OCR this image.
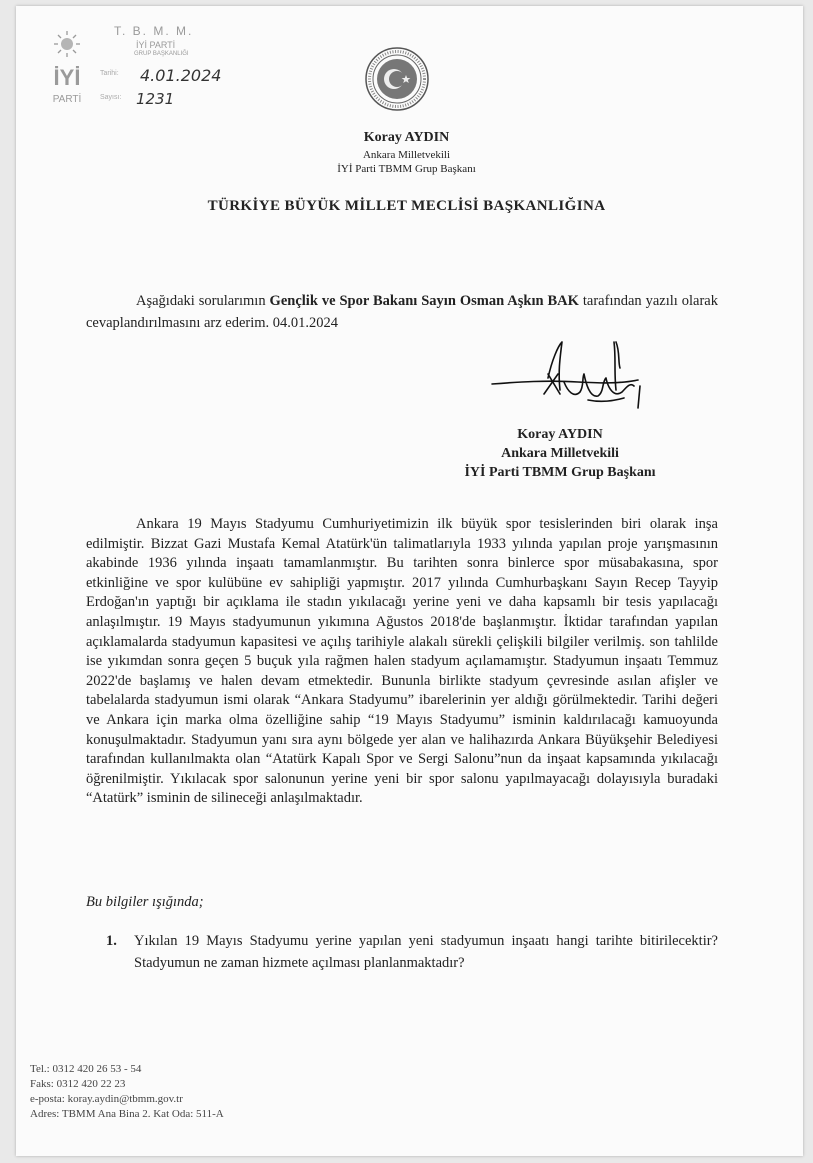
İYİ
PARTİ
T. B. M. M.
İYİ PARTİ
GRUP BAŞKANLIĞI
Tarihi: 4.01.2024
Sayısı: 1231
Koray AYDIN
Ankara Milletvekili
İYİ Parti TBMM Grup Başkanı
TÜRKİYE BÜYÜK MİLLET MECLİSİ BAŞKANLIĞINA
Aşağıdaki sorularımın Gençlik ve Spor Bakanı Sayın Osman Aşkın BAK tarafından yazılı olarak cevaplandırılmasını arz ederim. 04.01.2024
Koray AYDIN
Ankara Milletvekili
İYİ Parti TBMM Grup Başkanı
Ankara 19 Mayıs Stadyumu Cumhuriyetimizin ilk büyük spor tesislerinden biri olarak inşa edilmiştir. Bizzat Gazi Mustafa Kemal Atatürk'ün talimatlarıyla 1933 yılında yapılan proje yarışmasının akabinde 1936 yılında inşaatı tamamlanmıştır. Bu tarihten sonra binlerce spor müsabakasına, spor etkinliğine ve spor kulübüne ev sahipliği yapmıştır. 2017 yılında Cumhurbaşkanı Sayın Recep Tayyip Erdoğan'ın yaptığı bir açıklama ile stadın yıkılacağı yerine yeni ve daha kapsamlı bir tesis yapılacağı anlaşılmıştır. 19 Mayıs stadyumunun yıkımına Ağustos 2018'de başlanmıştır. İktidar tarafından yapılan açıklamalarda stadyumun kapasitesi ve açılış tarihiyle alakalı sürekli çelişkili bilgiler verilmiş. son tahlilde ise yıkımdan sonra geçen 5 buçuk yıla rağmen halen stadyum açılamamıştır. Stadyumun inşaatı Temmuz 2022'de başlamış ve halen devam etmektedir. Bununla birlikte stadyum çevresinde asılan afişler ve tabelalarda stadyumun ismi olarak “Ankara Stadyumu” ibarelerinin yer aldığı görülmektedir. Tarihi değeri ve Ankara için marka olma özelliğine sahip “19 Mayıs Stadyumu” isminin kaldırılacağı kamuoyunda konuşulmaktadır. Stadyumun yanı sıra aynı bölgede yer alan ve halihazırda Ankara Büyükşehir Belediyesi tarafından kullanılmakta olan “Atatürk Kapalı Spor ve Sergi Salonu”nun da inşaat kapsamında yıkılacağı öğrenilmiştir. Yıkılacak spor salonunun yerine yeni bir spor salonu yapılmayacağı dolayısıyla buradaki “Atatürk” isminin de silineceği anlaşılmaktadır.
Bu bilgiler ışığında;
1. Yıkılan 19 Mayıs Stadyumu yerine yapılan yeni stadyumun inşaatı hangi tarihte bitirilecektir? Stadyumun ne zaman hizmete açılması planlanmaktadır?
Tel.: 0312 420 26 53 - 54
Faks: 0312 420 22 23
e-posta: koray.aydin@tbmm.gov.tr
Adres: TBMM Ana Bina 2. Kat Oda: 511-A
